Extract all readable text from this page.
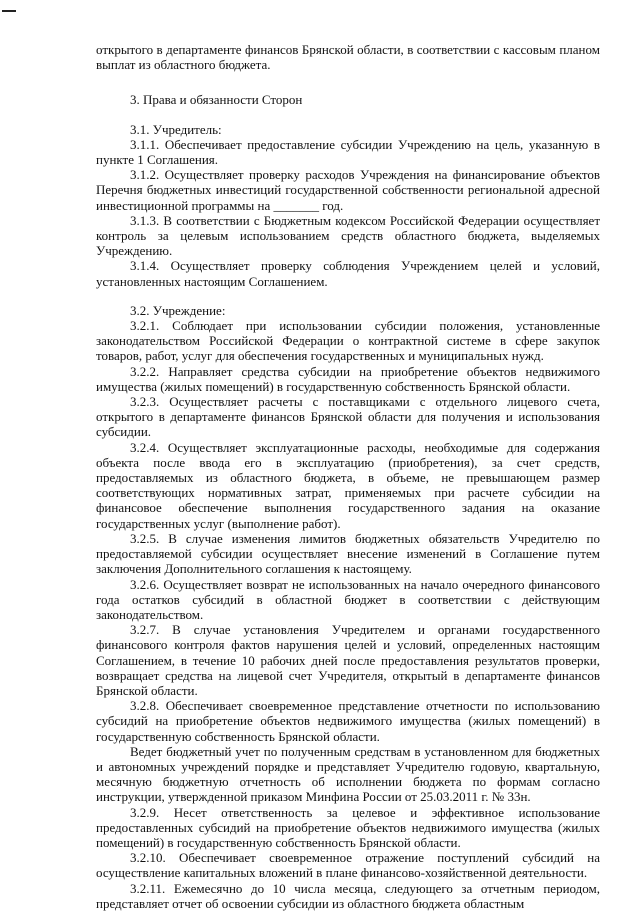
открытого в департаменте финансов Брянской области, в соответствии с кассовым планом выплат из областного бюджета.

3. Права и обязанности Сторон

3.1. Учредитель:

3.1.1. Обеспечивает предоставление субсидии Учреждению на цель, указанную в пункте 1 Соглашения.

3.1.2. Осуществляет проверку расходов Учреждения на финансирование объектов Перечня бюджетных инвестиций государственной собственности региональной адресной инвестиционной программы на _______ год.

3.1.3. В соответствии с Бюджетным кодексом Российской Федерации осуществляет контроль за целевым использованием средств областного бюджета, выделяемых Учреждению.

3.1.4. Осуществляет проверку соблюдения Учреждением целей и условий, установленных настоящим Соглашением.

3.2. Учреждение:

3.2.1. Соблюдает при использовании субсидии положения, установленные законодательством Российской Федерации о контрактной системе в сфере закупок товаров, работ, услуг для обеспечения государственных и муниципальных нужд.

3.2.2. Направляет средства субсидии на приобретение объектов недвижимого имущества (жилых помещений) в государственную собственность Брянской области.

3.2.3. Осуществляет расчеты с поставщиками с отдельного лицевого счета, открытого в департаменте финансов Брянской области для получения и использования субсидии.

3.2.4. Осуществляет эксплуатационные расходы, необходимые для содержания объекта после ввода его в эксплуатацию (приобретения), за счет средств, предоставляемых из областного бюджета, в объеме, не превышающем размер соответствующих нормативных затрат, применяемых при расчете субсидии на финансовое обеспечение выполнения государственного задания на оказание государственных услуг (выполнение работ).

3.2.5. В случае изменения лимитов бюджетных обязательств Учредителю по предоставляемой субсидии осуществляет внесение изменений в Соглашение путем заключения Дополнительного соглашения к настоящему.

3.2.6. Осуществляет возврат не использованных на начало очередного финансового года остатков субсидий в областной бюджет в соответствии с действующим законодательством.

3.2.7. В случае установления Учредителем и органами государственного финансового контроля фактов нарушения целей и условий, определенных настоящим Соглашением, в течение 10 рабочих дней после предоставления результатов проверки, возвращает средства на лицевой счет Учредителя, открытый в департаменте финансов Брянской области.

3.2.8. Обеспечивает своевременное представление отчетности по использованию субсидий на приобретение объектов недвижимого имущества (жилых помещений) в государственную собственность Брянской области.

Ведет бюджетный учет по полученным средствам в установленном для бюджетных и автономных учреждений порядке и представляет Учредителю годовую, квартальную, месячную бюджетную отчетность об исполнении бюджета по формам согласно инструкции, утвержденной приказом Минфина России от 25.03.2011 г. № 33н.

3.2.9. Несет ответственность за целевое и эффективное использование предоставленных субсидий на приобретение объектов недвижимого имущества (жилых помещений) в государственную собственность Брянской области.

3.2.10. Обеспечивает своевременное отражение поступлений субсидий на осуществление капитальных вложений в плане финансово-хозяйственной деятельности.

3.2.11. Ежемесячно до 10 числа месяца, следующего за отчетным периодом, представляет отчет об освоении субсидии из областного бюджета областным
